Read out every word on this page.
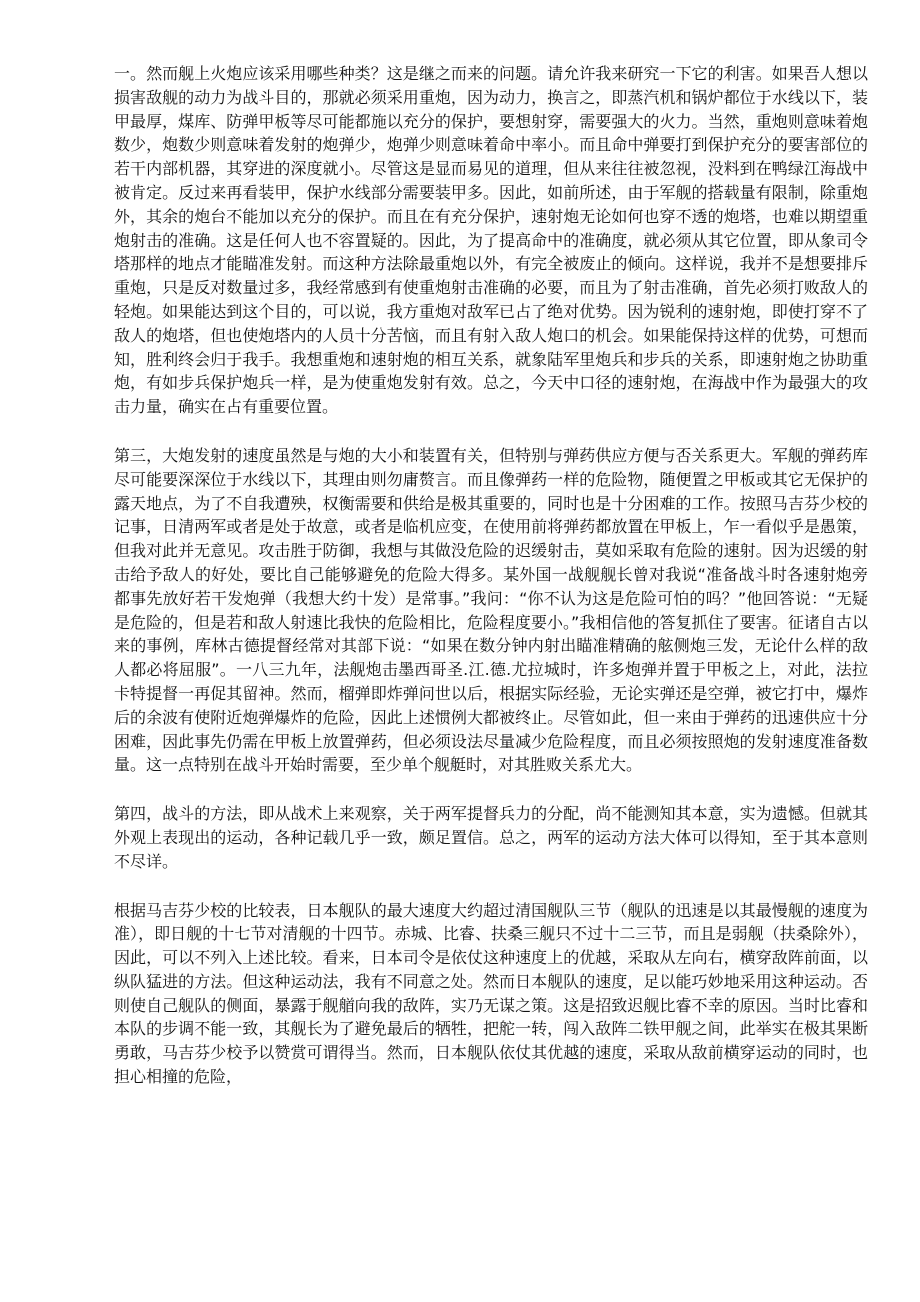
一。然而舰上火炮应该采用哪些种类？这是继之而来的问题。请允许我来研究一下它的利害。如果吾人想以损害敌舰的动力为战斗目的，那就必须采用重炮，因为动力，换言之，即蒸汽机和锅炉都位于水线以下，装甲最厚，煤库、防弹甲板等尽可能都施以充分的保护，要想射穿，需要强大的火力。当然，重炮则意味着炮数少，炮数少则意味着发射的炮弹少，炮弹少则意味着命中率小。而且命中弹要打到保护充分的要害部位的若干内部机器，其穿进的深度就小。尽管这是显而易见的道理，但从来往往被忽视，没料到在鸭绿江海战中被肯定。反过来再看装甲，保护水线部分需要装甲多。因此，如前所述，由于军舰的搭载量有限制，除重炮外，其余的炮台不能加以充分的保护。而且在有充分保护，速射炮无论如何也穿不透的炮塔，也难以期望重炮射击的准确。这是任何人也不容置疑的。因此，为了提高命中的准确度，就必须从其它位置，即从象司令塔那样的地点才能瞄准发射。而这种方法除最重炮以外，有完全被废止的倾向。这样说，我并不是想要排斥重炮，只是反对数量过多，我经常感到有使重炮射击准确的必要，而且为了射击准确，首先必须打败敌人的轻炮。如果能达到这个目的，可以说，我方重炮对敌军已占了绝对优势。因为锐利的速射炮，即使打穿不了敌人的炮塔，但也使炮塔内的人员十分苦恼，而且有射入敌人炮口的机会。如果能保持这样的优势，可想而知，胜利终会归于我手。我想重炮和速射炮的相互关系，就象陆军里炮兵和步兵的关系，即速射炮之协助重炮，有如步兵保护炮兵一样，是为使重炮发射有效。总之，今天中口径的速射炮，在海战中作为最强大的攻击力量，确实在占有重要位置。

第三，大炮发射的速度虽然是与炮的大小和装置有关，但特别与弹药供应方便与否关系更大。军舰的弹药库尽可能要深深位于水线以下，其理由则勿庸赘言。而且像弹药一样的危险物，随便置之甲板或其它无保护的露天地点，为了不自我遭殃，权衡需要和供给是极其重要的，同时也是十分困难的工作。按照马吉芬少校的记事，日清两军或者是处于故意，或者是临机应变，在使用前将弹药都放置在甲板上，乍一看似乎是愚策，但我对此并无意见。攻击胜于防御，我想与其做没危险的迟缓射击，莫如采取有危险的速射。因为迟缓的射击给予敌人的好处，要比自己能够避免的危险大得多。某外国一战舰舰长曾对我说“准备战斗时各速射炮旁都事先放好若干发炮弹（我想大约十发）是常事。”我问：“你不认为这是危险可怕的吗？”他回答说：“无疑是危险的，但是若和敌人射速比我快的危险相比，危险程度要小。”我相信他的答复抓住了要害。征诸自古以来的事例，库林古德提督经常对其部下说：“如果在数分钟内射出瞄准精确的舷侧炮三发，无论什么样的敌人都必将屈服”。一八三九年，法舰炮击墨西哥圣.江.德.尤拉城时，许多炮弹并置于甲板之上，对此，法拉卡特提督一再促其留神。然而，榴弹即炸弹问世以后，根据实际经验，无论实弹还是空弹，被它打中，爆炸后的余波有使附近炮弹爆炸的危险，因此上述惯例大都被终止。尽管如此，但一来由于弹药的迅速供应十分困难，因此事先仍需在甲板上放置弹药，但必须设法尽量减少危险程度，而且必须按照炮的发射速度准备数量。这一点特别在战斗开始时需要，至少单个舰艇时，对其胜败关系尤大。

第四，战斗的方法，即从战术上来观察，关于两军提督兵力的分配，尚不能测知其本意，实为遗憾。但就其外观上表现出的运动，各种记载几乎一致，颇足置信。总之，两军的运动方法大体可以得知，至于其本意则不尽详。

根据马吉芬少校的比较表，日本舰队的最大速度大约超过清国舰队三节（舰队的迅速是以其最慢舰的速度为准），即日舰的十七节对清舰的十四节。赤城、比睿、扶桑三舰只不过十二三节，而且是弱舰（扶桑除外），因此，可以不列入上述比较。看来，日本司令是依仗这种速度上的优越，采取从左向右，横穿敌阵前面，以纵队猛进的方法。但这种运动法，我有不同意之处。然而日本舰队的速度，足以能巧妙地采用这种运动。否则使自己舰队的侧面，暴露于舰艏向我的敌阵，实乃无谋之策。这是招致迟舰比睿不幸的原因。当时比睿和本队的步调不能一致，其舰长为了避免最后的牺牲，把舵一转，闯入敌阵二铁甲舰之间，此举实在极其果断勇敢，马吉芬少校予以赞赏可谓得当。然而，日本舰队依仗其优越的速度，采取从敌前横穿运动的同时，也担心相撞的危险，
